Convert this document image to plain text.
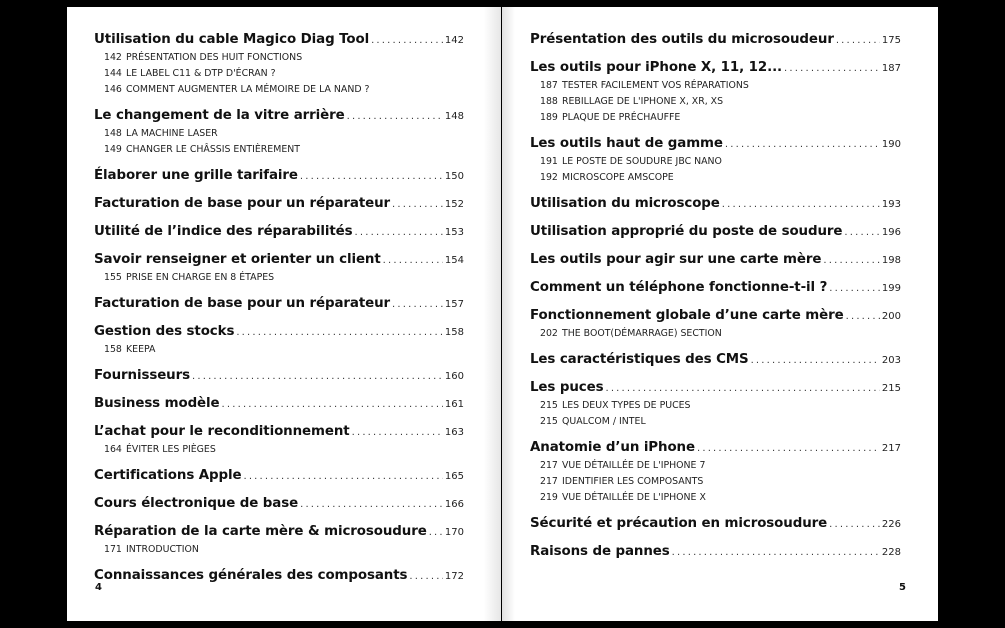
Utilisation du cable Magico Diag Tool . . .	142
142 PRÉSENTATION DES HUIT FONCTIONS
144 LE LABEL C11 & DTP D'ÉCRAN ?
146 COMMENT AUGMENTER LA MÉMOIRE DE LA NAND ?
Le changement de la vitre arrière . . .	148
148 LA MACHINE LASER
149 CHANGER LE CHÂSSIS ENTIÈREMENT
Élaborer une grille tarifaire . . .	150
Facturation de base pour un réparateur . . .	152
Utilité de l’indice des réparabilités . . .	153
Savoir renseigner et orienter un client . . .	154
155 PRISE EN CHARGE EN 8 ÉTAPES
Facturation de base pour un réparateur . . .	157
Gestion des stocks . . .	158
158 KEEPA
Fournisseurs . . .	160
Business modèle . . .	161
L’achat pour le reconditionnement . . .	163
164 ÉVITER LES PIÈGES
Certifications Apple . . .	165
Cours électronique de base . . .	166
Réparation de la carte mère & microsoudure . . . 170
171 INTRODUCTION
Connaissances générales des composants . . .	172
4
Présentation des outils du microsoudeur . . .	175
Les outils pour iPhone X, 11, 12... . . .	187
187 TESTER FACILEMENT VOS RÉPARATIONS
188 REBILLAGE DE L'IPHONE X, XR, XS
189 PLAQUE DE PRÉCHAUFFE
Les outils haut de gamme . . .	190
191 LE POSTE DE SOUDURE JBC NANO
192 MICROSCOPE AMSCOPE
Utilisation du microscope . . .	193
Utilisation approprié du poste de soudure . . .	196
Les outils pour agir sur une carte mère . . .	198
Comment un téléphone fonctionne-t-il ? . . .	199
Fonctionnement globale d’une carte mère . . .	200
202 THE BOOT(DÉMARRAGE) SECTION
Les caractéristiques des CMS . . .	203
Les puces . . .	215
215 LES DEUX TYPES DE PUCES
215 QUALCOM / INTEL
Anatomie d’un iPhone . . .	217
217 VUE DÉTAILLÉE DE L'IPHONE 7
217 IDENTIFIER LES COMPOSANTS
219 VUE DÉTAILLÉE DE L'IPHONE X
Sécurité et précaution en microsoudure . . .	226
Raisons de pannes . . .	228
5
